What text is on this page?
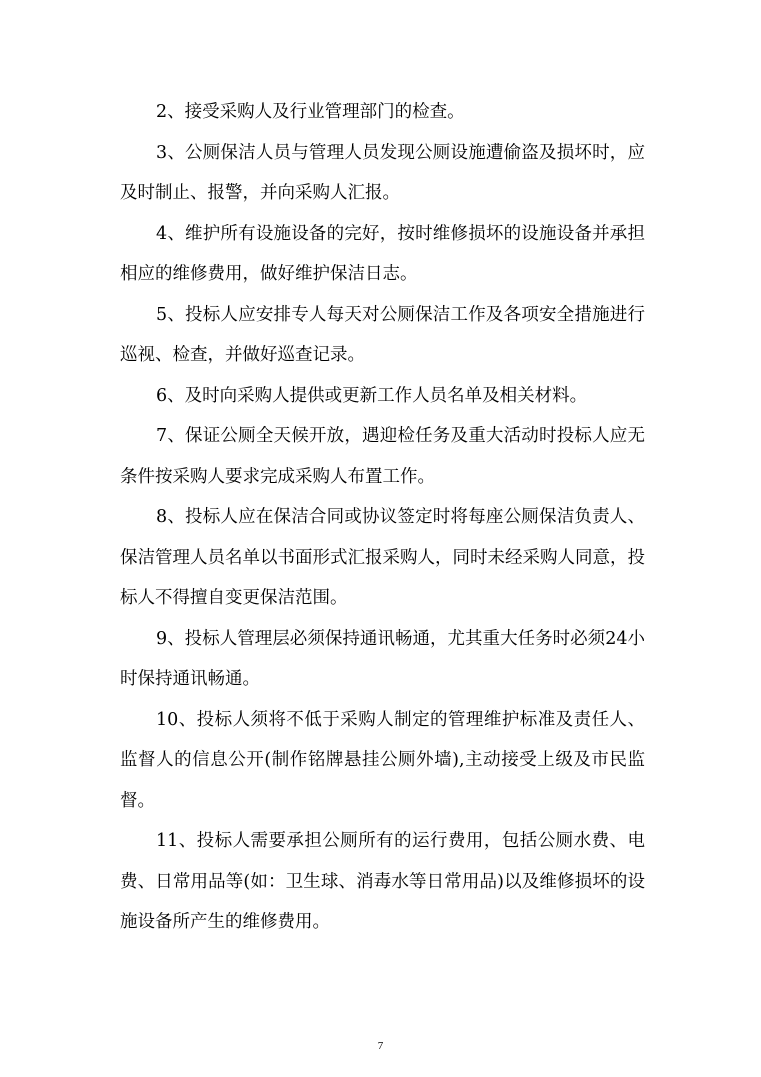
2、接受采购人及行业管理部门的检查。

3、公厕保洁人员与管理人员发现公厕设施遭偷盗及损坏时，应及时制止、报警，并向采购人汇报。

4、维护所有设施设备的完好，按时维修损坏的设施设备并承担相应的维修费用，做好维护保洁日志。

5、投标人应安排专人每天对公厕保洁工作及各项安全措施进行巡视、检查，并做好巡查记录。

6、及时向采购人提供或更新工作人员名单及相关材料。

7、保证公厕全天候开放，遇迎检任务及重大活动时投标人应无条件按采购人要求完成采购人布置工作。

8、投标人应在保洁合同或协议签定时将每座公厕保洁负责人、保洁管理人员名单以书面形式汇报采购人，同时未经采购人同意，投标人不得擅自变更保洁范围。

9、投标人管理层必须保持通讯畅通，尤其重大任务时必须24小时保持通讯畅通。

10、投标人须将不低于采购人制定的管理维护标准及责任人、监督人的信息公开(制作铭牌悬挂公厕外墙),主动接受上级及市民监督。

11、投标人需要承担公厕所有的运行费用，包括公厕水费、电费、日常用品等(如：卫生球、消毒水等日常用品)以及维修损坏的设施设备所产生的维修费用。

7
